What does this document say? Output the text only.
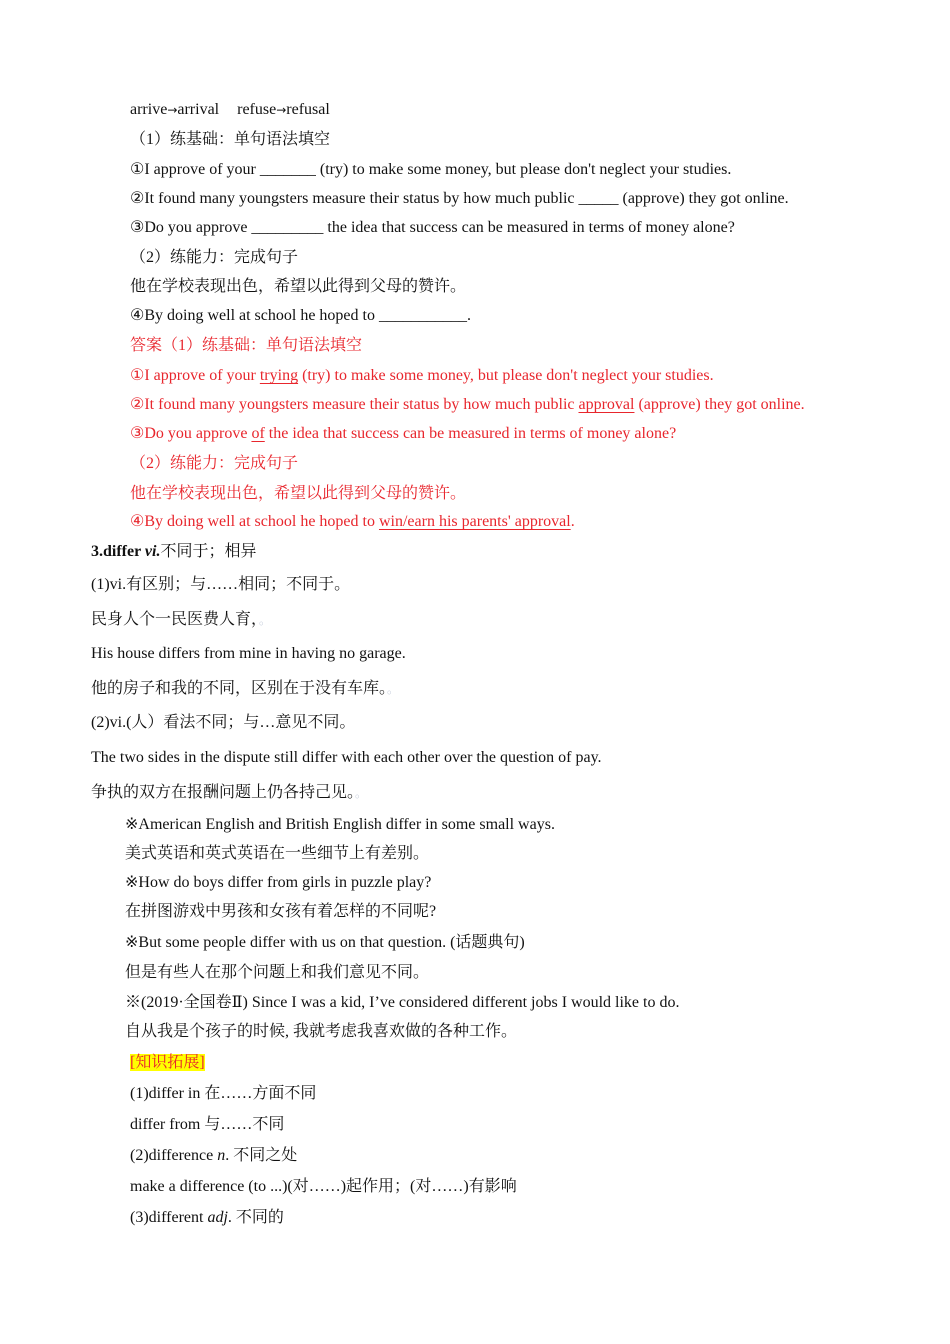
arrive→arrival refuse→refusal
（1）练基础：单句语法填空
①I approve of your _______ (try) to make some money, but please don't neglect your studies.
②It found many youngsters measure their status by how much public _____ (approve) they got online.
③Do you approve _________ the idea that success can be measured in terms of money alone?
（2）练能力：完成句子
他在学校表现出色，希望以此得到父母的赞许。
④By doing well at school he hoped to ___________.
答案（1）练基础：单句语法填空
①I approve of your trying (try) to make some money, but please don't neglect your studies.
②It found many youngsters measure their status by how much public approval (approve) they got online.
③Do you approve of the idea that success can be measured in terms of money alone?
（2）练能力：完成句子
他在学校表现出色，希望以此得到父母的赞许。
④By doing well at school he hoped to win/earn his parents' approval.
3.differ vi.不同于；相异
(1)vi.有区别；与……相同；不同于。
民身人个一民医费人育，。
His house differs from mine in having no garage.
他的房子和我的不同，区别在于没有车库。。
(2)vi.(人）看法不同；与…意见不同。
The two sides in the dispute still differ with each other over the question of pay.
争执的双方在报酬问题上仍各持己见。。
※American English and British English differ in some small ways.
美式英语和英式英语在一些细节上有差别。
※How do boys differ from girls in puzzle play?
在拼图游戏中男孩和女孩有着怎样的不同呢?
※But some people differ with us on that question. (话题典句)
但是有些人在那个问题上和我们意见不同。
※(2019·全国卷Ⅱ) Since I was a kid, I’ve considered different jobs I would like to do.
自从我是个孩子的时候, 我就考虑我喜欢做的各种工作。
[知识拓展]
(1)differ in 在……方面不同
differ from 与……不同
(2)difference n. 不同之处
make a difference (to ...)(对……)起作用；(对……)有影响
(3)different adj. 不同的
